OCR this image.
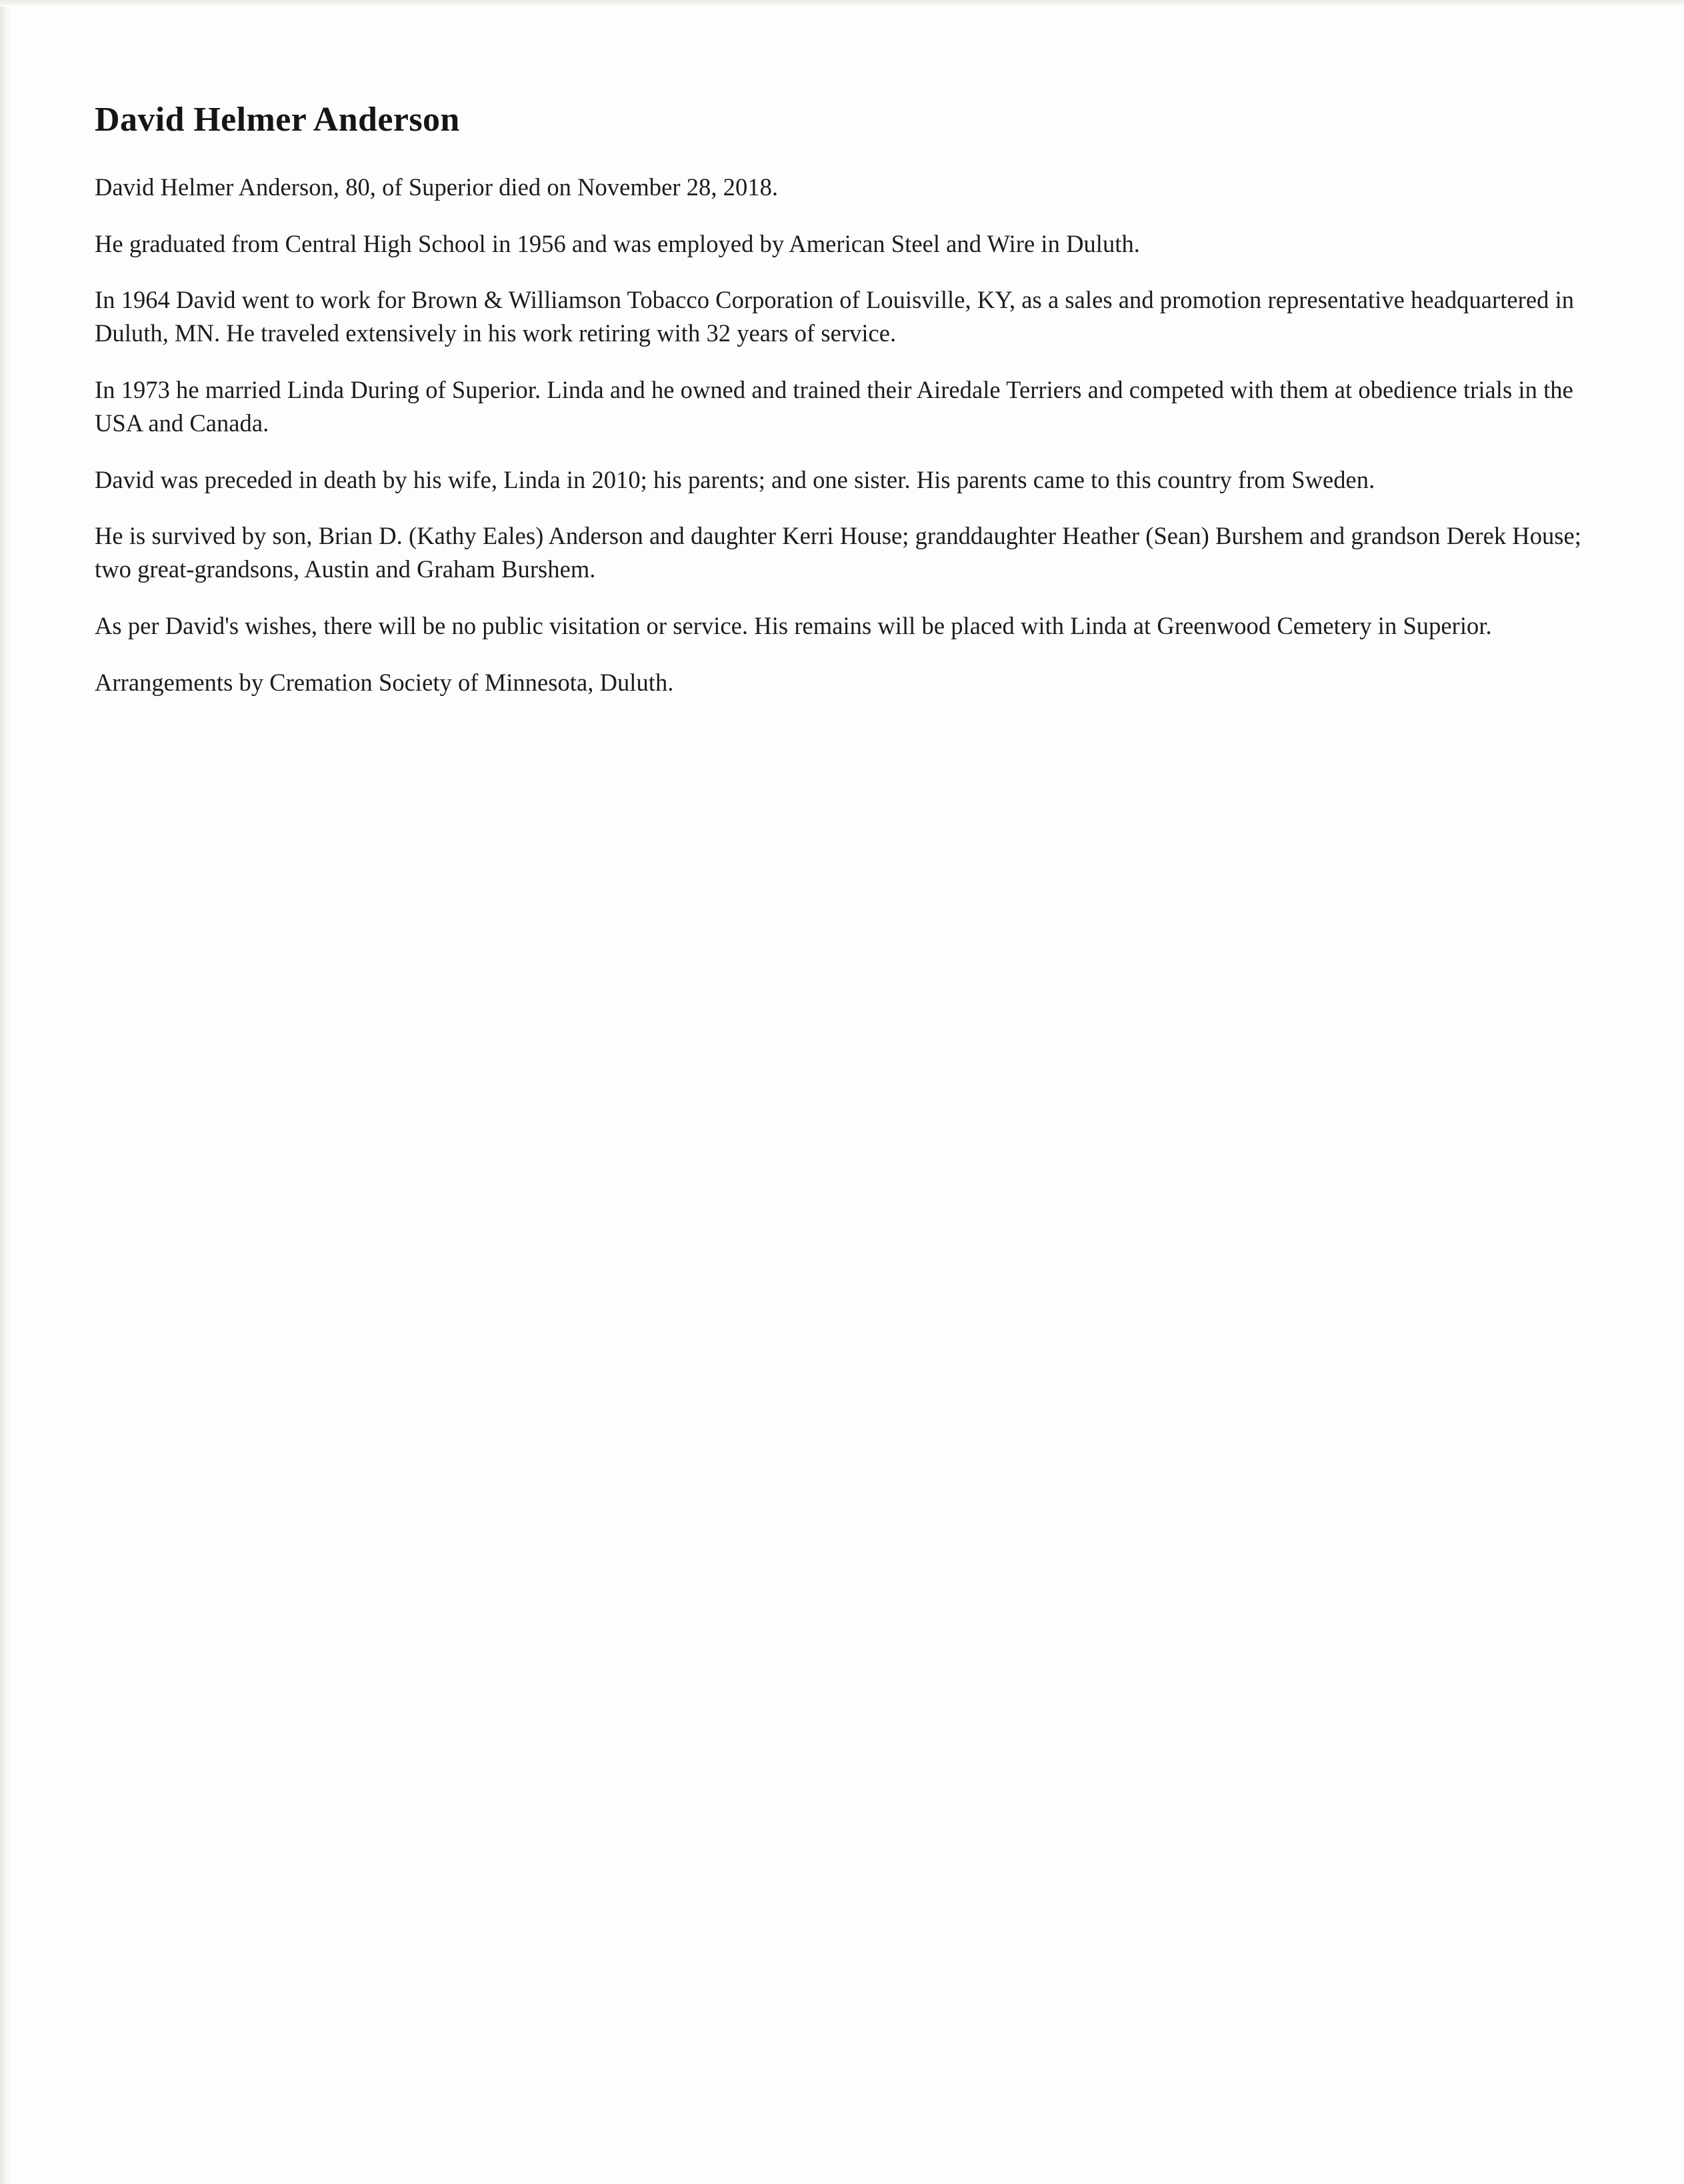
David Helmer Anderson

David Helmer Anderson, 80, of Superior died on November 28, 2018.

He graduated from Central High School in 1956 and was employed by American Steel and Wire in Duluth.

In 1964 David went to work for Brown & Williamson Tobacco Corporation of Louisville, KY, as a sales and promotion representative headquartered in Duluth, MN. He traveled extensively in his work retiring with 32 years of service.

In 1973 he married Linda During of Superior. Linda and he owned and trained their Airedale Terriers and competed with them at obedience trials in the USA and Canada.

David was preceded in death by his wife, Linda in 2010; his parents; and one sister. His parents came to this country from Sweden.

He is survived by son, Brian D. (Kathy Eales) Anderson and daughter Kerri House; granddaughter Heather (Sean) Burshem and grandson Derek House; two great-grandsons, Austin and Graham Burshem.

As per David's wishes, there will be no public visitation or service. His remains will be placed with Linda at Greenwood Cemetery in Superior.

Arrangements by Cremation Society of Minnesota, Duluth.
